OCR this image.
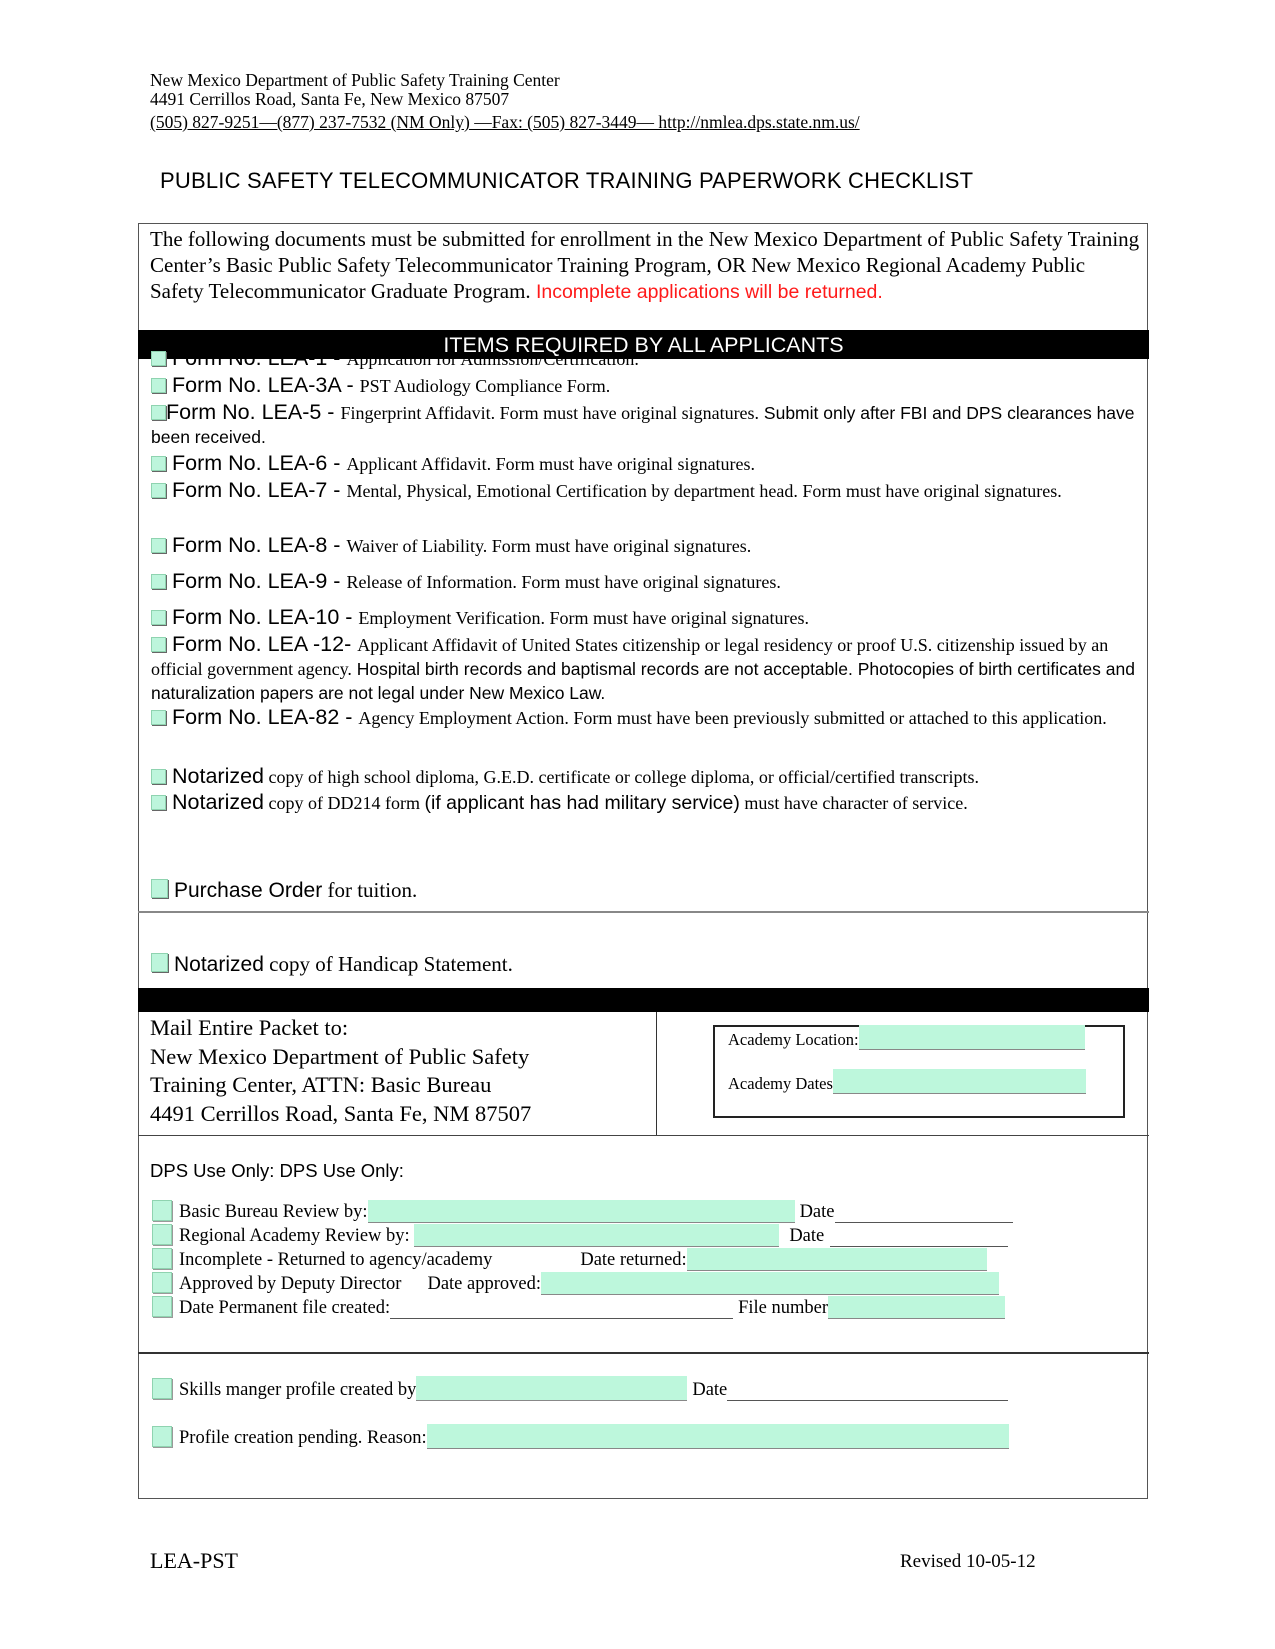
New Mexico Department of Public Safety Training Center
4491 Cerrillos Road, Santa Fe, New Mexico 87507
(505) 827-9251—(877) 237-7532 (NM Only) —Fax: (505) 827-3449— http://nmlea.dps.state.nm.us/
PUBLIC SAFETY TELECOMMUNICATOR TRAINING PAPERWORK CHECKLIST
The following documents must be submitted for enrollment in the New Mexico Department of Public Safety Training Center’s Basic Public Safety Telecommunicator Training Program, OR New Mexico Regional Academy Public Safety Telecommunicator Graduate Program. Incomplete applications will be returned.
ITEMS REQUIRED BY ALL APPLICANTS
Form No. LEA-1 - Application for Admission/Certification.
Form No. LEA-3A - PST Audiology Compliance Form.
Form No. LEA-5 - Fingerprint Affidavit. Form must have original signatures. Submit only after FBI and DPS clearances have been received.
Form No. LEA-6 - Applicant Affidavit. Form must have original signatures.
Form No. LEA-7 - Mental, Physical, Emotional Certification by department head. Form must have original signatures.
Form No. LEA-8 - Waiver of Liability. Form must have original signatures.
Form No. LEA-9 - Release of Information. Form must have original signatures.
Form No. LEA-10 - Employment Verification. Form must have original signatures.
Form No. LEA -12- Applicant Affidavit of United States citizenship or legal residency or proof U.S. citizenship issued by an official government agency. Hospital birth records and baptismal records are not acceptable. Photocopies of birth certificates and naturalization papers are not legal under New Mexico Law.
Form No. LEA-82 - Agency Employment Action. Form must have been previously submitted or attached to this application.
Notarized copy of high school diploma, G.E.D. certificate or college diploma, or official/certified transcripts.
Notarized copy of DD214 form (if applicant has had military service) must have character of service.
Purchase Order for tuition.
Notarized copy of Handicap Statement.
Mail Entire Packet to:
New Mexico Department of Public Safety
Training Center, ATTN: Basic Bureau
4491 Cerrillos Road, Santa Fe, NM 87507
Academy Location:
Academy Dates
DPS Use Only: DPS Use Only:
Basic Bureau Review by:	Date
Regional Academy Review by:	Date
Incomplete - Returned to agency/academy	Date returned:
Approved by Deputy Director Date approved:
Date Permanent file created:	File number
Skills manger profile created by	Date
Profile creation pending. Reason:
LEA-PST	Revised 10-05-12
